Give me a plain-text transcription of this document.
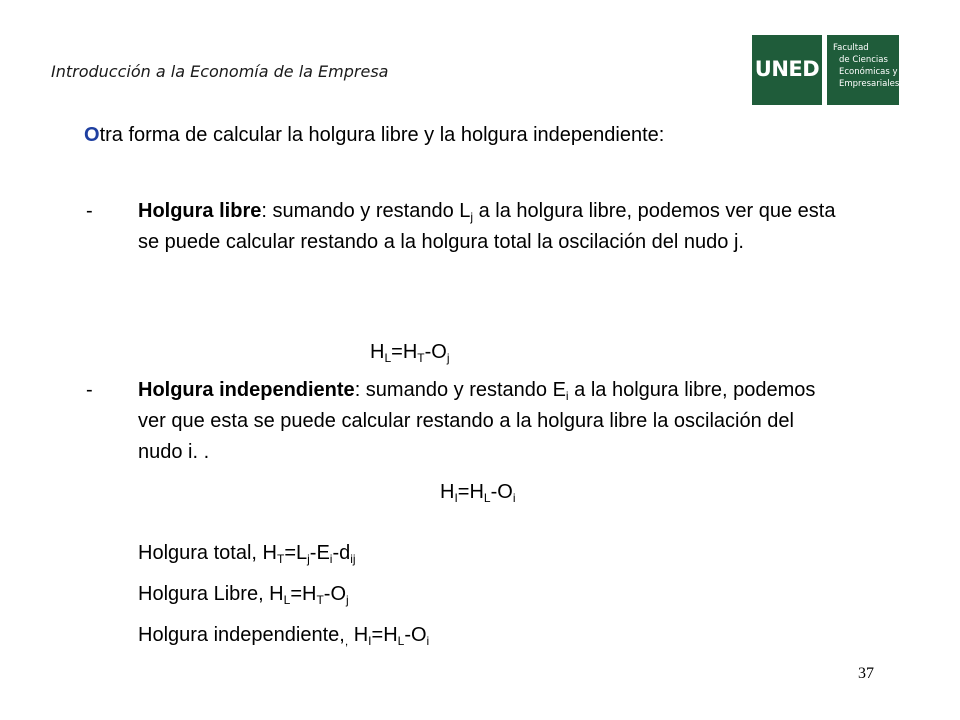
Introducción a la Economía de la Empresa	UNED
Facultad
de Ciencias
Económicas y
Empresariales
Otra forma de calcular la holgura libre y la holgura independiente:
- Holgura libre: sumando y restando $L_j$ a la holgura libre, podemos ver que esta se puede calcular restando a la holgura total la oscilación del nudo j.
$H_L=H_T-O_j$
- Holgura independiente: sumando y restando $E_i$ a la holgura libre, podemos ver que esta se puede calcular restando a la holgura libre la oscilación del nudo i. .
$H_I=H_L-O_i$
Holgura total, $H_T=L_j-E_i-d_{ij}$
Holgura Libre, $H_L=H_T-O_j$
Holgura $independiente,_,$ $H_I=H_L-O_i$
37
